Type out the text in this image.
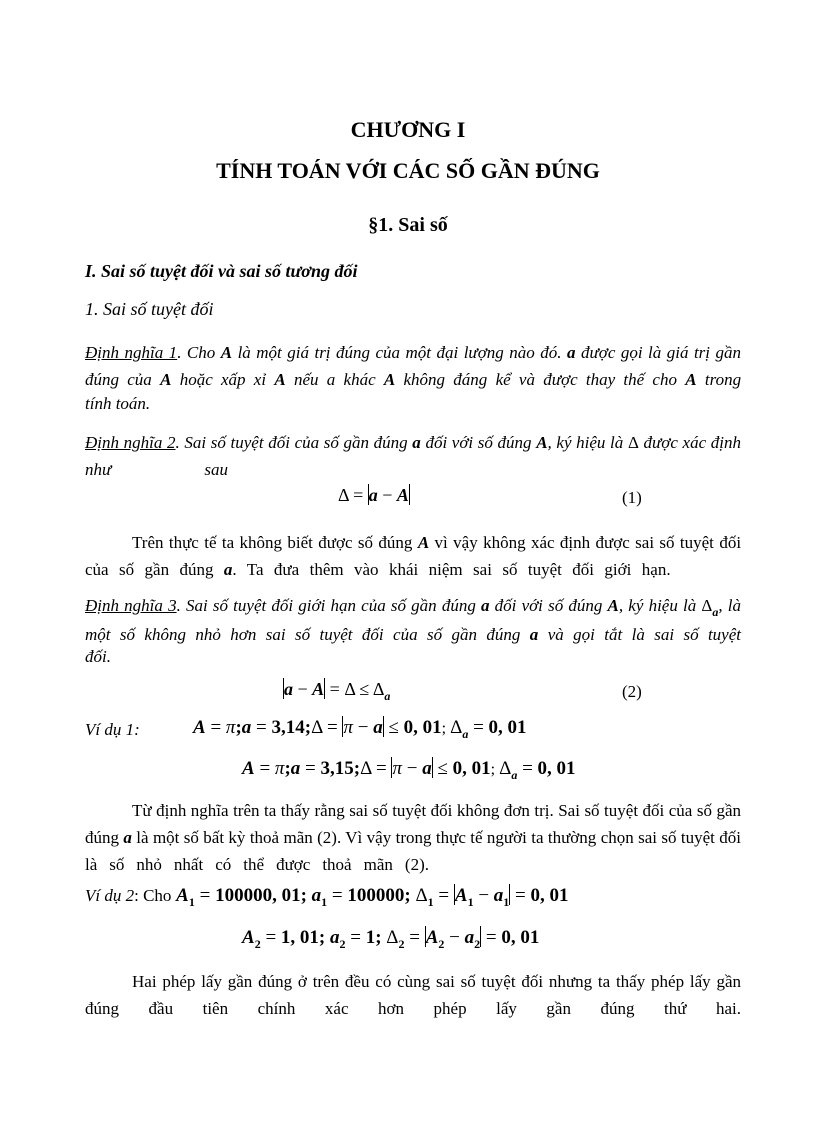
CHƯƠNG I
TÍNH TOÁN VỚI CÁC SỐ GẦN ĐÚNG
§1. Sai số
I. Sai số tuyệt đối và sai số tương đối
1. Sai số tuyệt đối
Định nghĩa 1. Cho A là một giá trị đúng của một đại lượng nào đó. a được gọi là giá trị gần đúng của A hoặc xấp xỉ A nếu a khác A không đáng kể và được thay thế cho A trong
tính toán.
Định nghĩa 2. Sai số tuyệt đối của số gần đúng a đối với số đúng A, ký hiệu là Δ được xác định như sau
Δ = a − A	(1)
Trên thực tế ta không biết được số đúng A vì vậy không xác định được sai số tuyệt đối của số gần đúng a. Ta đưa thêm vào khái niệm sai số tuyệt đối giới hạn.
Định nghĩa 3. Sai số tuyệt đối giới hạn của số gần đúng a đối với số đúng A, ký hiệu là $\Delta_a$, là một số không nhỏ hơn sai số tuyệt đối của số gần đúng a và gọi tắt là sai số tuyệt
đối.
$a - A = \Delta \le \Delta_a$	(2)
Ví dụ 1:	A = π;a = 3,14;Δ = π − a ≤ 0, 01; $\Delta_a = 0$, 01
A = π;a = 3,15;Δ = π − a ≤ 0, 01; $\Delta_a = 0$, 01
Từ định nghĩa trên ta thấy rằng sai số tuyệt đối không đơn trị. Sai số tuyệt đối của số gần đúng a là một số bất kỳ thoả mãn (2). Vì vậy trong thực tế người ta thường chọn sai số tuyệt đối là số nhỏ nhất có thể được thoả mãn (2).
Ví dụ 2: Cho $A_1 = 100000$, 01; $a_1 = 100000$; $\Delta_1 = A_1 - a_1 = 0$, 01
$A_2 = 1$, 01; $a_2 = 1$; $\Delta_2 = A_2 - a_2 = 0$, 01
Hai phép lấy gần đúng ở trên đều có cùng sai số tuyệt đối nhưng ta thấy phép lấy gần đúng đầu tiên chính xác hơn phép lấy gần đúng thứ hai.
